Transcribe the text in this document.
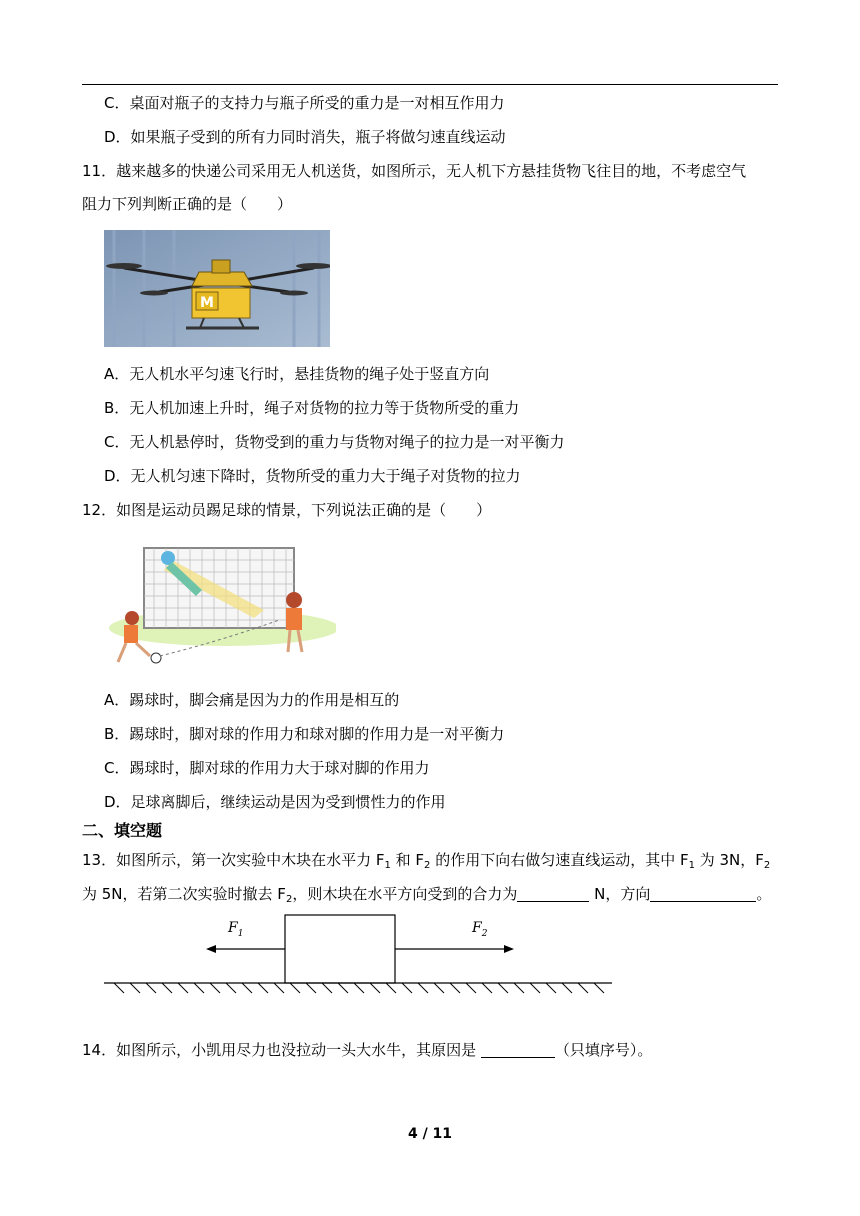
C．桌面对瓶子的支持力与瓶子所受的重力是一对相互作用力
D．如果瓶子受到的所有力同时消失，瓶子将做匀速直线运动
11．越来越多的快递公司采用无人机送货，如图所示，无人机下方悬挂货物飞往目的地，不考虑空气
阻力下列判断正确的是（　　）
M
A．无人机水平匀速飞行时，悬挂货物的绳子处于竖直方向
B．无人机加速上升时，绳子对货物的拉力等于货物所受的重力
C．无人机悬停时，货物受到的重力与货物对绳子的拉力是一对平衡力
D．无人机匀速下降时，货物所受的重力大于绳子对货物的拉力
12．如图是运动员踢足球的情景，下列说法正确的是（　　）
A．踢球时，脚会痛是因为力的作用是相互的
B．踢球时，脚对球的作用力和球对脚的作用力是一对平衡力
C．踢球时，脚对球的作用力大于球对脚的作用力
D．足球离脚后，继续运动是因为受到惯性力的作用
二、填空题
13．如图所示，第一次实验中木块在水平力 $F_1$ 和 $F_2$ 的作用下向右做匀速直线运动，其中 $F_1$ 为 3N，$F_2$
为 5N，若第二次实验时撤去 $F_2$，则木块在水平方向受到的合力为	N，方向	。
$F_1$	$F_2$
14．如图所示，小凯用尽力也没拉动一头大水牛，其原因是	（只填序号）。
4 / 11
